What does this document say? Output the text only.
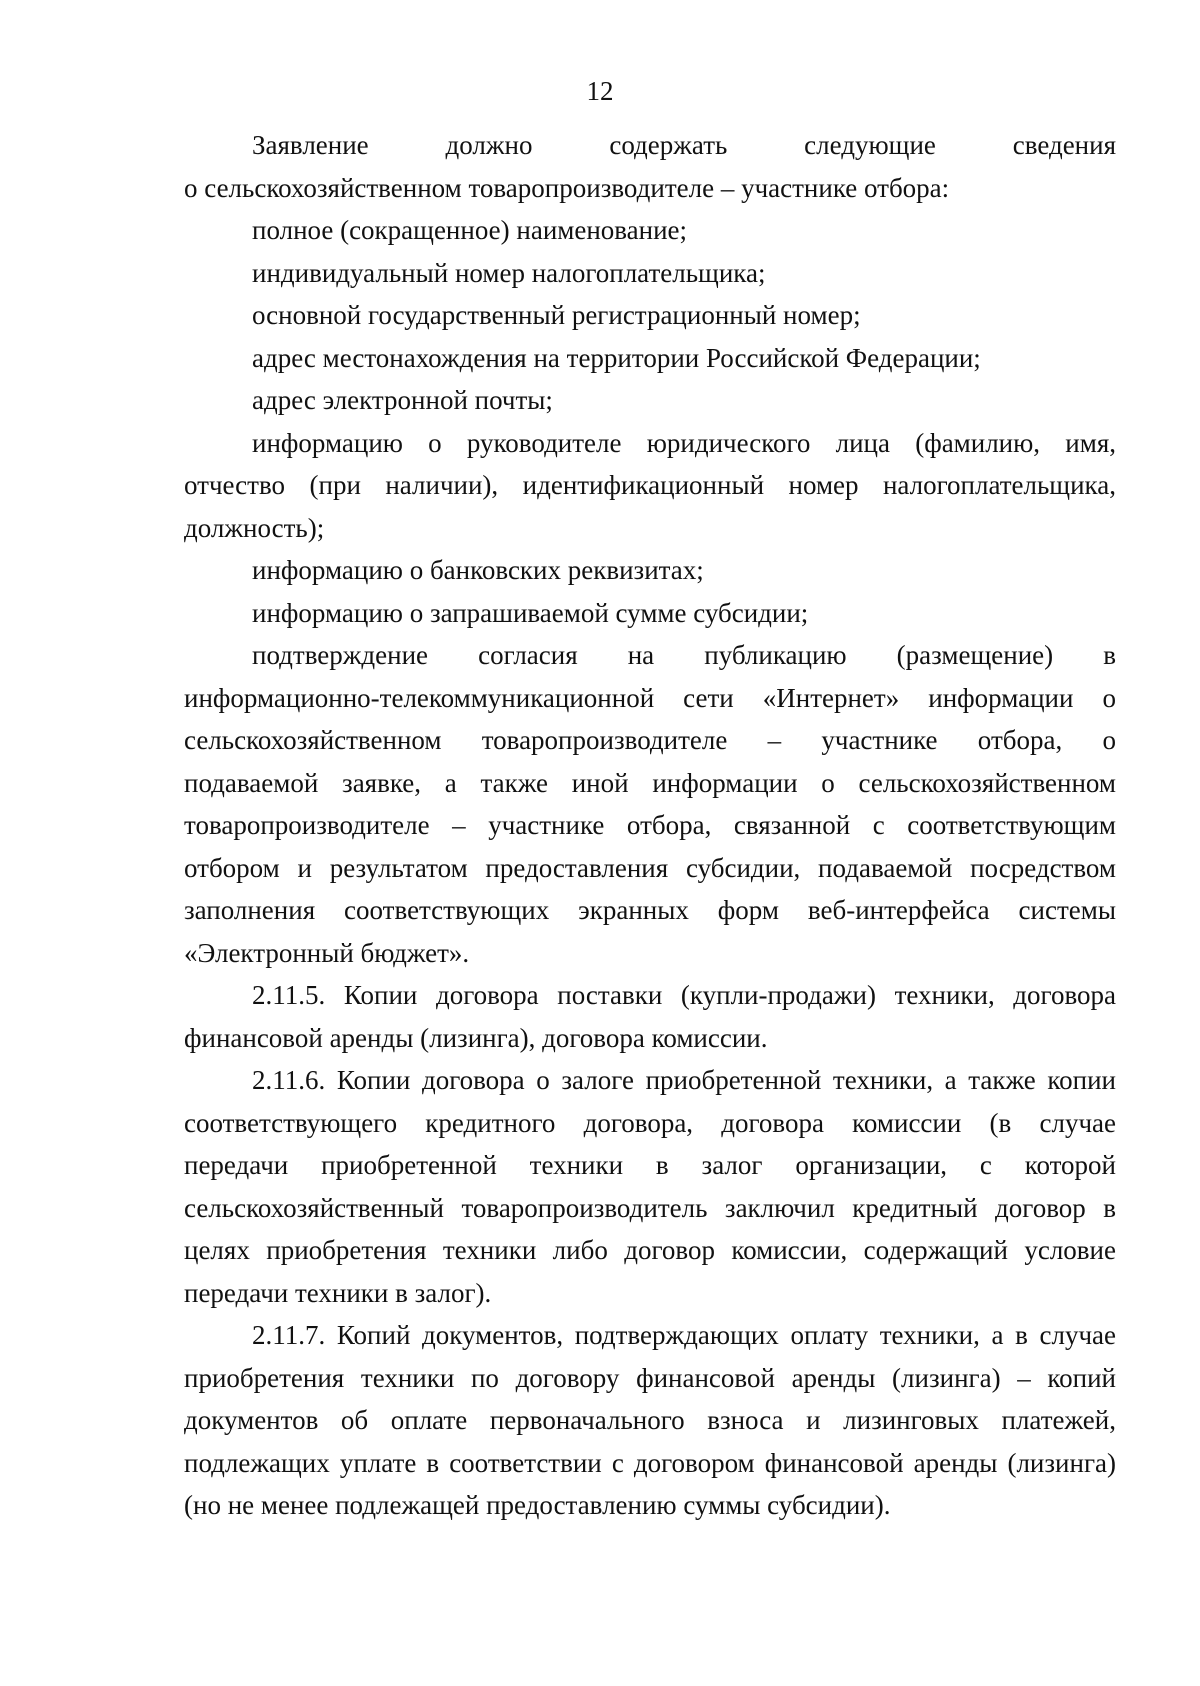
12
Заявление должно содержать следующие сведения
о сельскохозяйственном товаропроизводителе – участнике отбора:
полное (сокращенное) наименование;
индивидуальный номер налогоплательщика;
основной государственный регистрационный номер;
адрес местонахождения на территории Российской Федерации;
адрес электронной почты;
информацию о руководителе юридического лица (фамилию, имя,
отчество (при наличии), идентификационный номер налогоплательщика,
должность);
информацию о банковских реквизитах;
информацию о запрашиваемой сумме субсидии;
подтверждение согласия на публикацию (размещение) в
информационно-телекоммуникационной сети «Интернет» информации о
сельскохозяйственном товаропроизводителе – участнике отбора, о
подаваемой заявке, а также иной информации о сельскохозяйственном
товаропроизводителе – участнике отбора, связанной с соответствующим
отбором и результатом предоставления субсидии, подаваемой посредством
заполнения соответствующих экранных форм веб-интерфейса системы
«Электронный бюджет».
2.11.5. Копии договора поставки (купли-продажи) техники, договора
финансовой аренды (лизинга), договора комиссии.
2.11.6. Копии договора о залоге приобретенной техники, а также копии
соответствующего кредитного договора, договора комиссии (в случае
передачи приобретенной техники в залог организации, с которой
сельскохозяйственный товаропроизводитель заключил кредитный договор в
целях приобретения техники либо договор комиссии, содержащий условие
передачи техники в залог).
2.11.7. Копий документов, подтверждающих оплату техники, а в случае
приобретения техники по договору финансовой аренды (лизинга) – копий
документов об оплате первоначального взноса и лизинговых платежей,
подлежащих уплате в соответствии с договором финансовой аренды (лизинга)
(но не менее подлежащей предоставлению суммы субсидии).
